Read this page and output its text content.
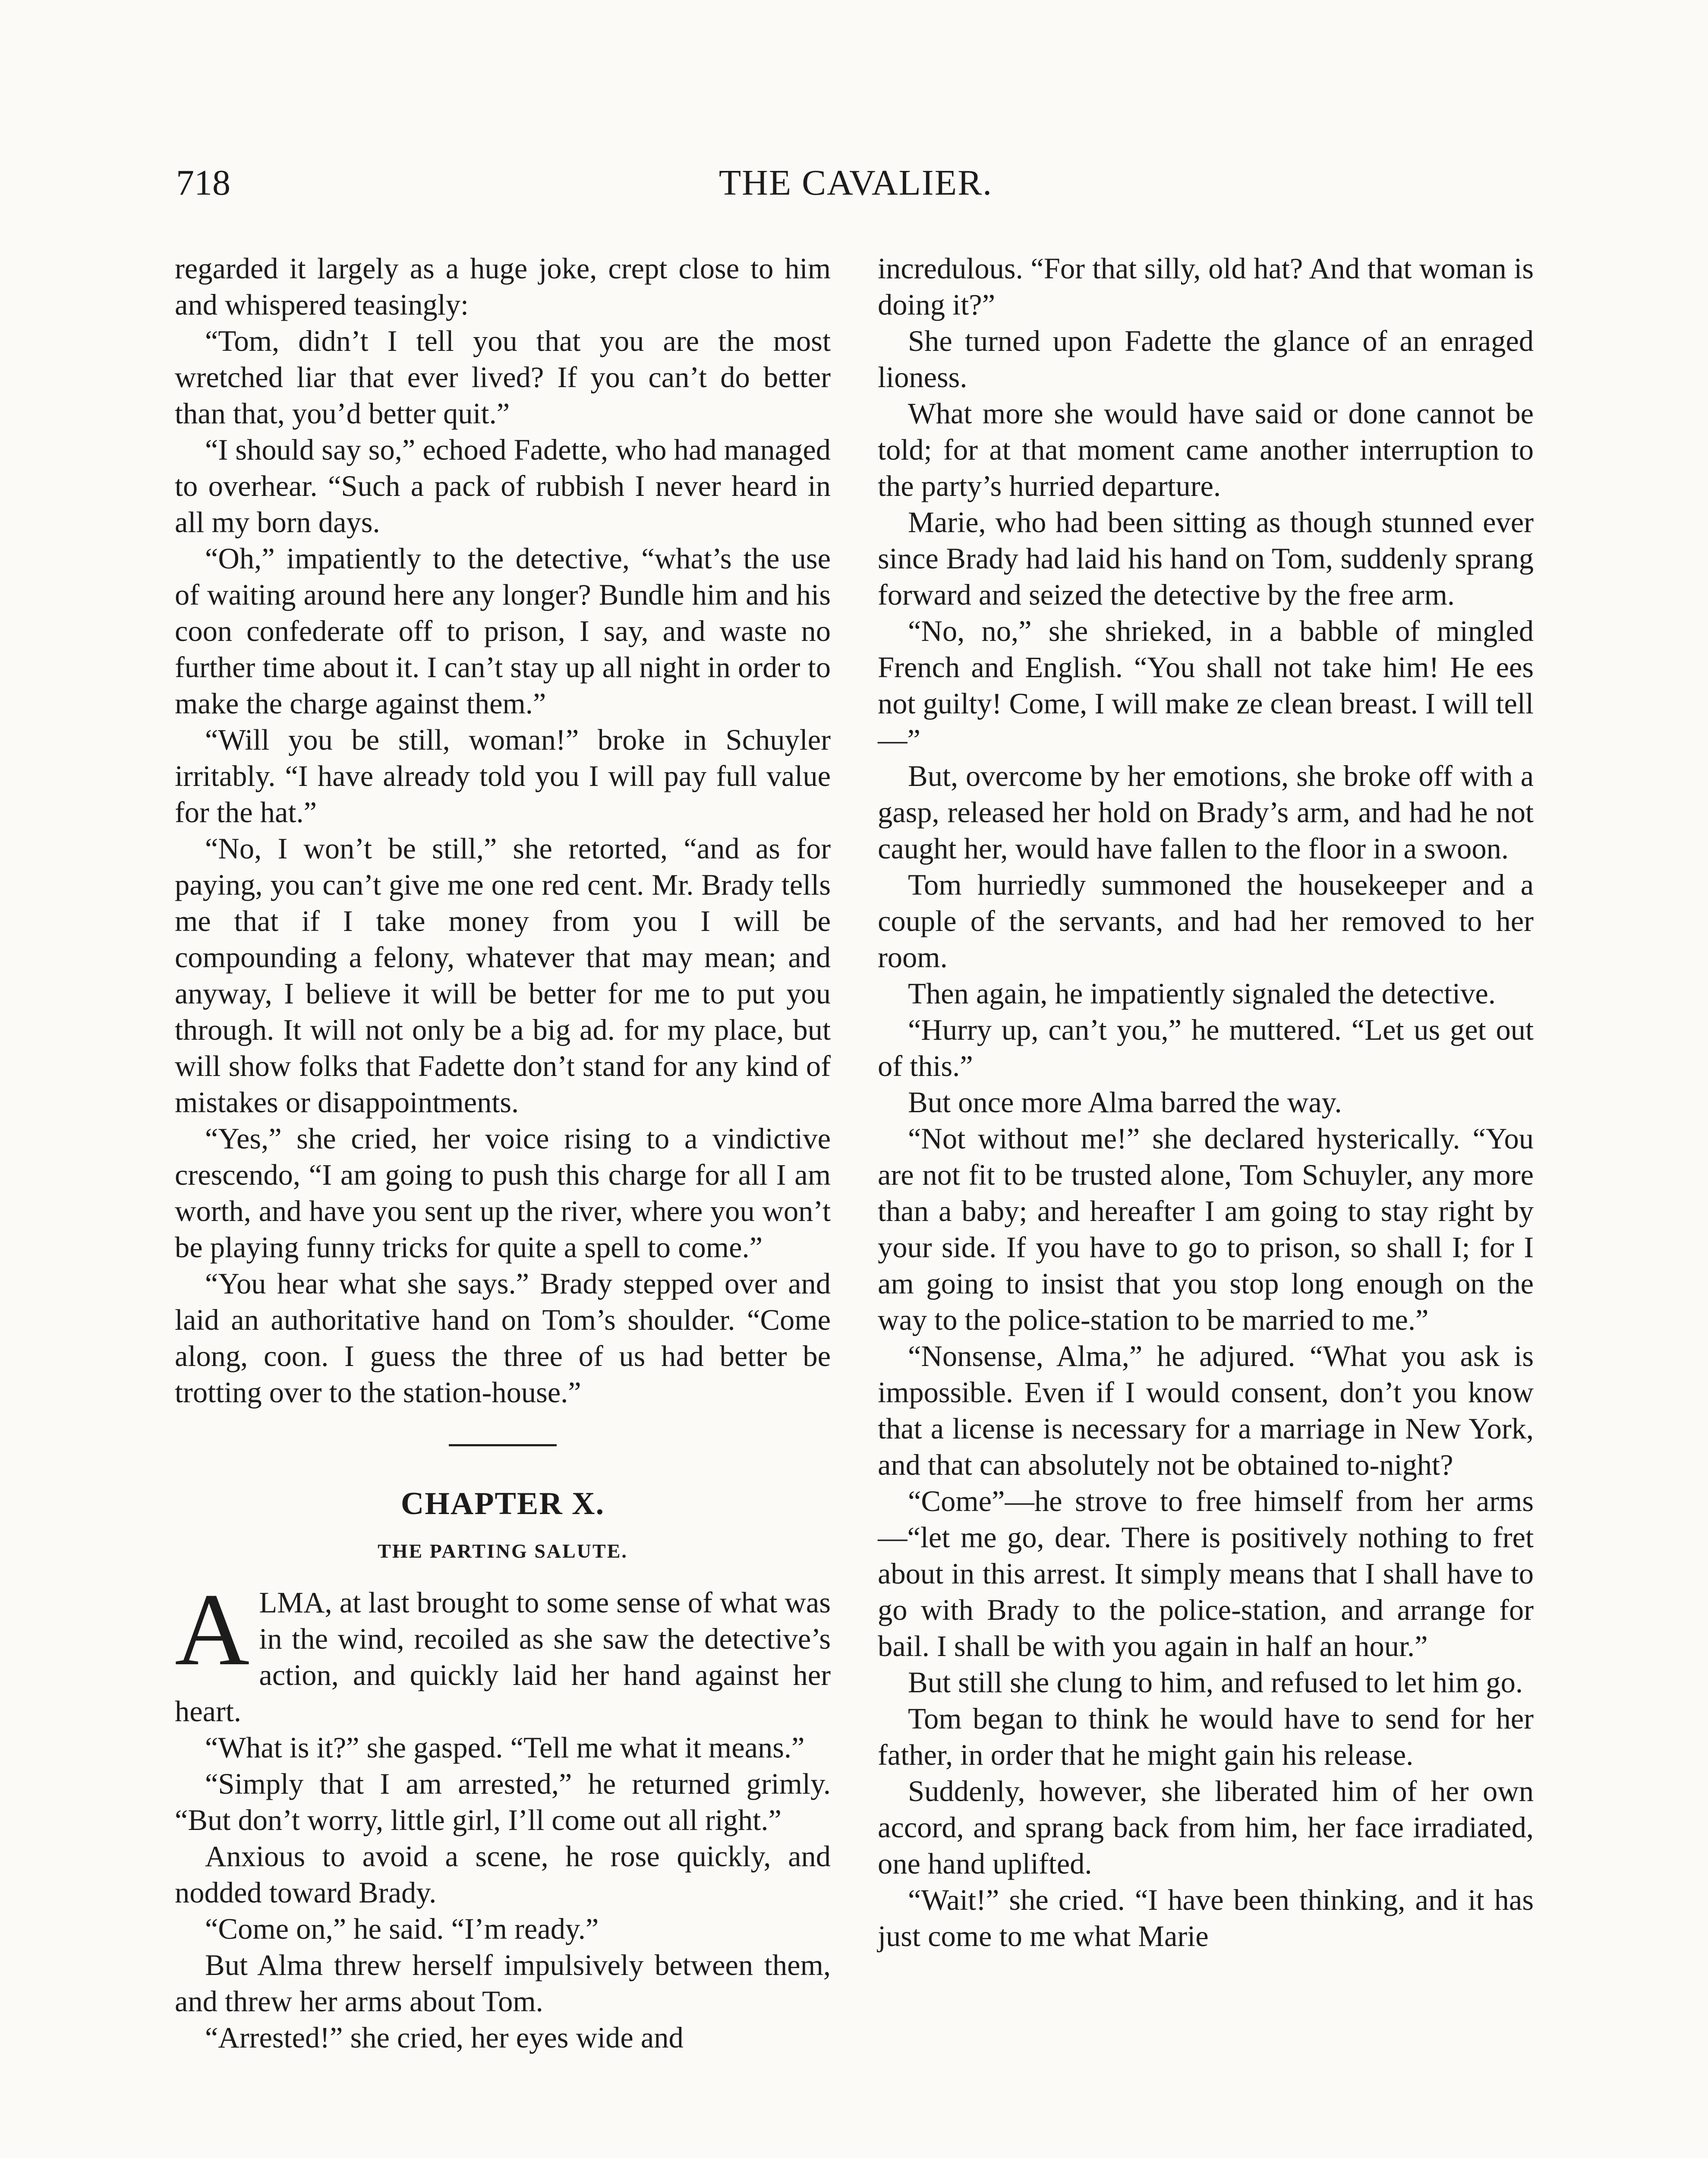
718	THE CAVALIER.

regarded it largely as a huge joke, crept close to him and whispered teasingly:

“Tom, didn’t I tell you that you are the most wretched liar that ever lived? If you can’t do better than that, you’d better quit.”

“I should say so,” echoed Fadette, who had managed to overhear. “Such a pack of rubbish I never heard in all my born days.

“Oh,” impatiently to the detective, “what’s the use of waiting around here any longer? Bundle him and his coon confederate off to prison, I say, and waste no further time about it. I can’t stay up all night in order to make the charge against them.”

“Will you be still, woman!” broke in Schuyler irritably. “I have already told you I will pay full value for the hat.”

“No, I won’t be still,” she retorted, “and as for paying, you can’t give me one red cent. Mr. Brady tells me that if I take money from you I will be compounding a felony, whatever that may mean; and anyway, I believe it will be better for me to put you through. It will not only be a big ad. for my place, but will show folks that Fadette don’t stand for any kind of mistakes or disappointments.

“Yes,” she cried, her voice rising to a vindictive crescendo, “I am going to push this charge for all I am worth, and have you sent up the river, where you won’t be playing funny tricks for quite a spell to come.”

“You hear what she says.” Brady stepped over and laid an authoritative hand on Tom’s shoulder. “Come along, coon. I guess the three of us had better be trotting over to the station-house.”

CHAPTER X.
THE PARTING SALUTE.

ALMA, at last brought to some sense of what was in the wind, recoiled as she saw the detective’s action, and quickly laid her hand against her heart.

“What is it?” she gasped. “Tell me what it means.”

“Simply that I am arrested,” he returned grimly. “But don’t worry, little girl, I’ll come out all right.”

Anxious to avoid a scene, he rose quickly, and nodded toward Brady.

“Come on,” he said. “I’m ready.”

But Alma threw herself impulsively between them, and threw her arms about Tom.

“Arrested!” she cried, her eyes wide and

incredulous. “For that silly, old hat? And that woman is doing it?”

She turned upon Fadette the glance of an enraged lioness.

What more she would have said or done cannot be told; for at that moment came another interruption to the party’s hurried departure.

Marie, who had been sitting as though stunned ever since Brady had laid his hand on Tom, suddenly sprang forward and seized the detective by the free arm.

“No, no,” she shrieked, in a babble of mingled French and English. “You shall not take him! He ees not guilty! Come, I will make ze clean breast. I will tell—”

But, overcome by her emotions, she broke off with a gasp, released her hold on Brady’s arm, and had he not caught her, would have fallen to the floor in a swoon.

Tom hurriedly summoned the housekeeper and a couple of the servants, and had her removed to her room.

Then again, he impatiently signaled the detective.

“Hurry up, can’t you,” he muttered. “Let us get out of this.”

But once more Alma barred the way.

“Not without me!” she declared hysterically. “You are not fit to be trusted alone, Tom Schuyler, any more than a baby; and hereafter I am going to stay right by your side. If you have to go to prison, so shall I; for I am going to insist that you stop long enough on the way to the police-station to be married to me.”

“Nonsense, Alma,” he adjured. “What you ask is impossible. Even if I would consent, don’t you know that a license is necessary for a marriage in New York, and that can absolutely not be obtained to-night?

“Come”—he strove to free himself from her arms—“let me go, dear. There is positively nothing to fret about in this arrest. It simply means that I shall have to go with Brady to the police-station, and arrange for bail. I shall be with you again in half an hour.”

But still she clung to him, and refused to let him go.

Tom began to think he would have to send for her father, in order that he might gain his release.

Suddenly, however, she liberated him of her own accord, and sprang back from him, her face irradiated, one hand uplifted.

“Wait!” she cried. “I have been thinking, and it has just come to me what Marie
